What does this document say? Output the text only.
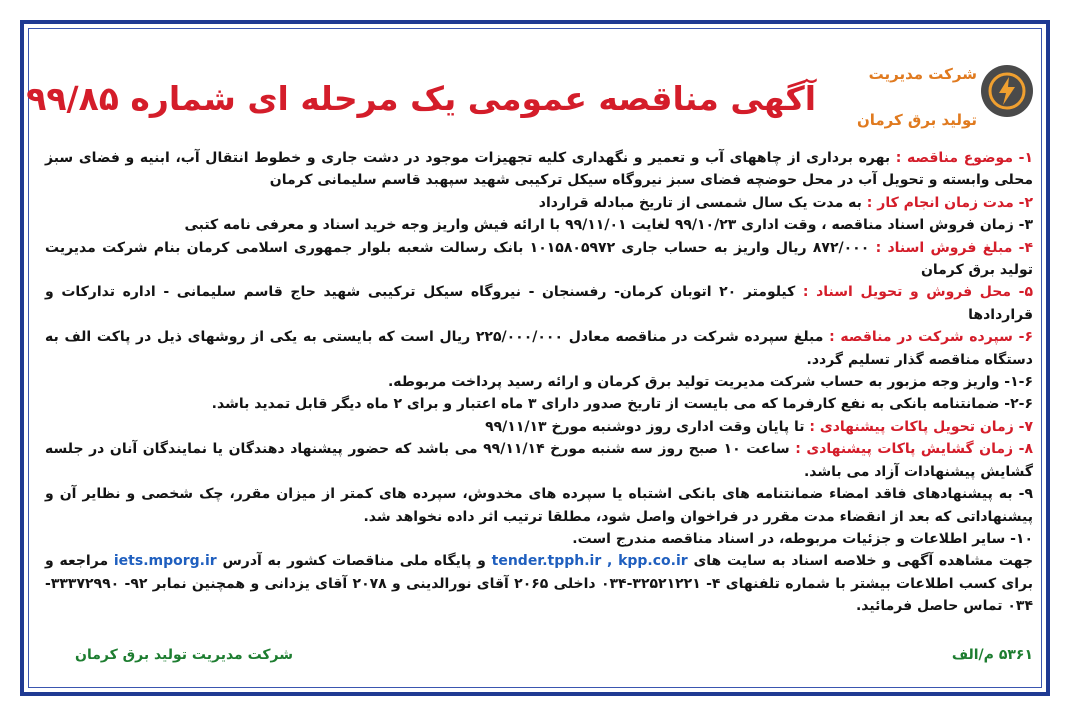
شرکت مدیریت
تولید برق کرمان
آگهی مناقصه عمومی یک مرحله ای شماره ۹۹/۸۵

۱- موضوع مناقصه : بهره برداری از چاههای آب و تعمیر و نگهداری کلیه تجهیزات موجود در دشت جاری و خطوط انتقال آب، ابنیه و فضای سبز محلی وابسته و تحویل آب در محل حوضچه فضای سبز نیروگاه سیکل ترکیبی شهید سپهبد قاسم سلیمانی کرمان

۲- مدت زمان انجام کار : به مدت یک سال شمسی از تاریخ مبادله قرارداد

۳- زمان فروش اسناد مناقصه ، وقت اداری ۹۹/۱۰/۲۳ لغایت ۹۹/۱۱/۰۱ با ارائه فیش واریز وجه خرید اسناد و معرفی نامه کتبی

۴- مبلغ فروش اسناد : ۸۷۲/۰۰۰ ریال واریز به حساب جاری ۱۰۱۵۸۰۵۹۷۲ بانک رسالت شعبه بلوار جمهوری اسلامی کرمان بنام شرکت مدیریت تولید برق کرمان

۵- محل فروش و تحویل اسناد : کیلومتر ۲۰ اتوبان کرمان- رفسنجان - نیروگاه سیکل ترکیبی شهید حاج قاسم سلیمانی - اداره تدارکات و قراردادها

۶- سپرده شرکت در مناقصه : مبلغ سپرده شرکت در مناقصه معادل ۲۲۵/۰۰۰/۰۰۰ ریال است که بایستی به یکی از روشهای ذیل در پاکت الف به دستگاه مناقصه گذار تسلیم گردد.

۱-۶- واریز وجه مزبور به حساب شرکت مدیریت تولید برق کرمان و ارائه رسید پرداخت مربوطه.

۲-۶- ضمانتنامه بانکی به نفع کارفرما که می بایست از تاریخ صدور دارای ۳ ماه اعتبار و برای ۲ ماه دیگر قابل تمدید باشد.

۷- زمان تحویل پاکات پیشنهادی : تا پایان وقت اداری روز دوشنبه مورخ ۹۹/۱۱/۱۳

۸- زمان گشایش پاکات پیشنهادی : ساعت ۱۰ صبح روز سه شنبه مورخ ۹۹/۱۱/۱۴ می باشد که حضور پیشنهاد دهندگان یا نمایندگان آنان در جلسه گشایش پیشنهادات آزاد می باشد.

۹- به پیشنهادهای فاقد امضاء ضمانتنامه های بانکی اشتباه یا سپرده های مخدوش، سپرده های کمتر از میزان مقرر، چک شخصی و نظایر آن و پیشنهاداتی که بعد از انقضاء مدت مقرر در فراخوان واصل شود، مطلقا ترتیب اثر داده نخواهد شد.

۱۰- سایر اطلاعات و جزئیات مربوطه، در اسناد مناقصه مندرج است.

جهت مشاهده آگهی و خلاصه اسناد به سایت های tender.tpph.ir , kpp.co.ir و پایگاه ملی مناقصات کشور به آدرس iets.mporg.ir مراجعه و برای کسب اطلاعات بیشتر با شماره تلفنهای ۴- ۳۲۵۲۱۲۲۱-۰۳۴ داخلی ۲۰۶۵ آقای نورالدینی و ۲۰۷۸ آقای یزدانی و همچنین نمابر ۹۲- ۳۳۳۷۲۹۹۰- ۰۳۴ تماس حاصل فرمائید.

شرکت مدیریت تولید برق کرمان	۵۳۶۱ م/الف
